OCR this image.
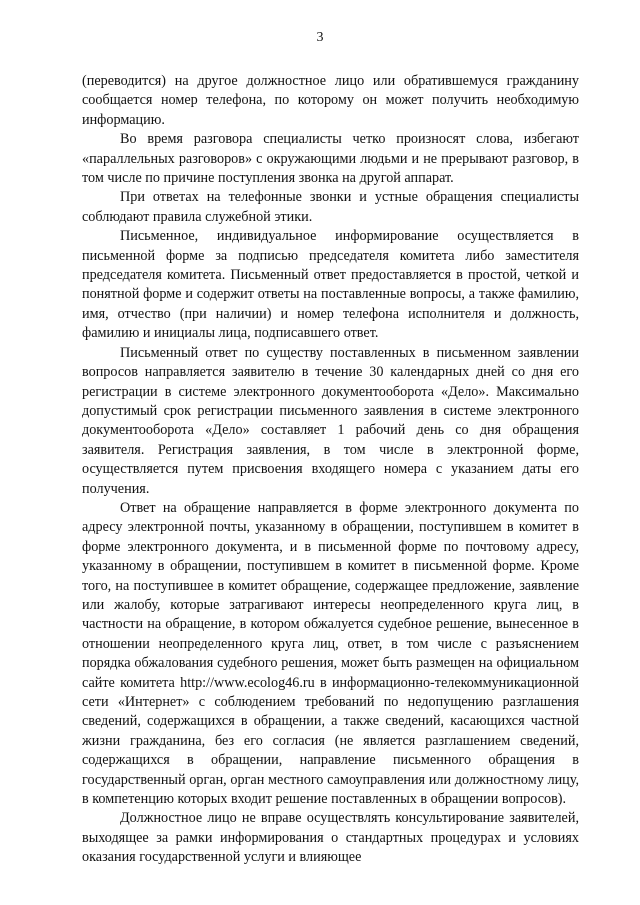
3

(переводится) на другое должностное лицо или обратившемуся гражданину сообщается номер телефона, по которому он может получить необходимую информацию.

Во время разговора специалисты четко произносят слова, избегают «параллельных разговоров» с окружающими людьми и не прерывают разговор, в том числе по причине поступления звонка на другой аппарат.

При ответах на телефонные звонки и устные обращения специалисты соблюдают правила служебной этики.

Письменное, индивидуальное информирование осуществляется в письменной форме за подписью председателя комитета либо заместителя председателя комитета. Письменный ответ предоставляется в простой, четкой и понятной форме и содержит ответы на поставленные вопросы, а также фамилию, имя, отчество (при наличии) и номер телефона исполнителя и должность, фамилию и инициалы лица, подписавшего ответ.

Письменный ответ по существу поставленных в письменном заявлении вопросов направляется заявителю в течение 30 календарных дней со дня его регистрации в системе электронного документооборота «Дело». Максимально допустимый срок регистрации письменного заявления в системе электронного документооборота «Дело» составляет 1 рабочий день со дня обращения заявителя. Регистрация заявления, в том числе в электронной форме, осуществляется путем присвоения входящего номера с указанием даты его получения.

Ответ на обращение направляется в форме электронного документа по адресу электронной почты, указанному в обращении, поступившем в комитет в форме электронного документа, и в письменной форме по почтовому адресу, указанному в обращении, поступившем в комитет в письменной форме. Кроме того, на поступившее в комитет обращение, содержащее предложение, заявление или жалобу, которые затрагивают интересы неопределенного круга лиц, в частности на обращение, в котором обжалуется судебное решение, вынесенное в отношении неопределенного круга лиц, ответ, в том числе с разъяснением порядка обжалования судебного решения, может быть размещен на официальном сайте комитета http://www.ecolog46.ru в информационно-телекоммуникационной сети «Интернет» с соблюдением требований по недопущению разглашения сведений, содержащихся в обращении, а также сведений, касающихся частной жизни гражданина, без его согласия (не является разглашением сведений, содержащихся в обращении, направление письменного обращения в государственный орган, орган местного самоуправления или должностному лицу, в компетенцию которых входит решение поставленных в обращении вопросов).

Должностное лицо не вправе осуществлять консультирование заявителей, выходящее за рамки информирования о стандартных процедурах и условиях оказания государственной услуги и влияющее
